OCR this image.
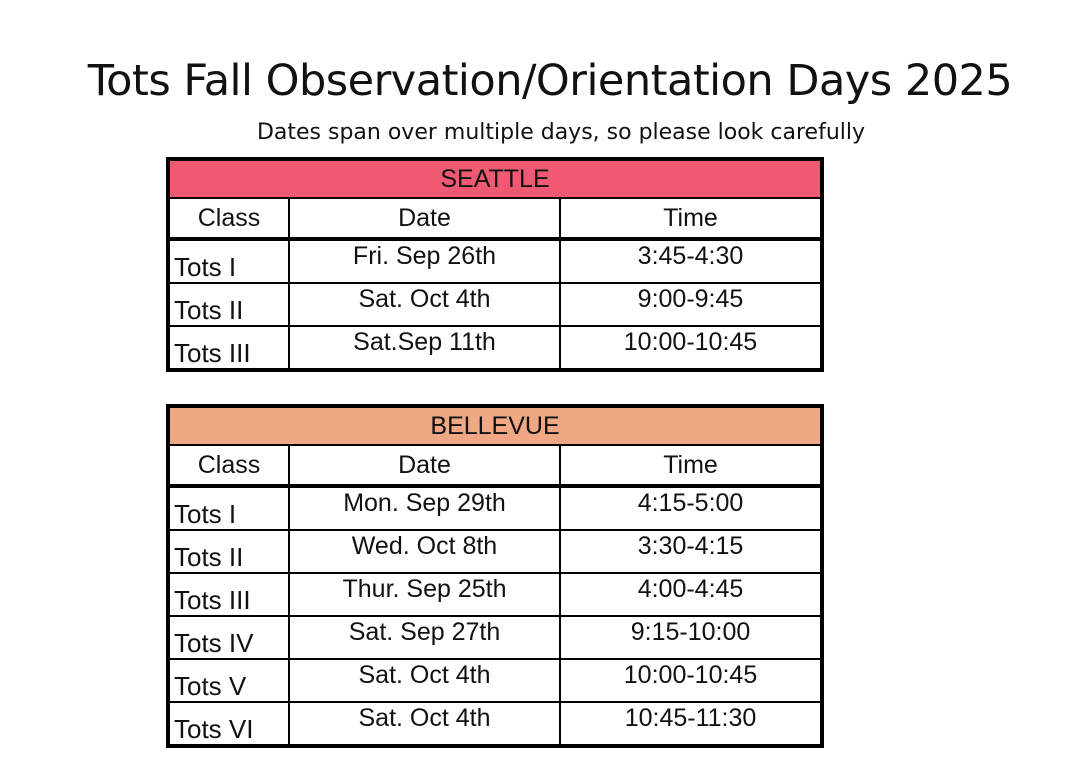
Tots Fall Observation/Orientation Days 2025

Dates span over multiple days, so please look carefully

SEATTLE		
Class	Date	Time
Tots I	Fri. Sep 26th	3:45-4:30
Tots II	Sat. Oct 4th	9:00-9:45
Tots III	Sat.Sep 11th	10:00-10:45
BELLEVUE		
Class	Date	Time
Tots I	Mon. Sep 29th	4:15-5:00
Tots II	Wed. Oct 8th	3:30-4:15
Tots III	Thur. Sep 25th	4:00-4:45
Tots IV	Sat. Sep 27th	9:15-10:00
Tots V	Sat. Oct 4th	10:00-10:45
Tots VI	Sat. Oct 4th	10:45-11:30
